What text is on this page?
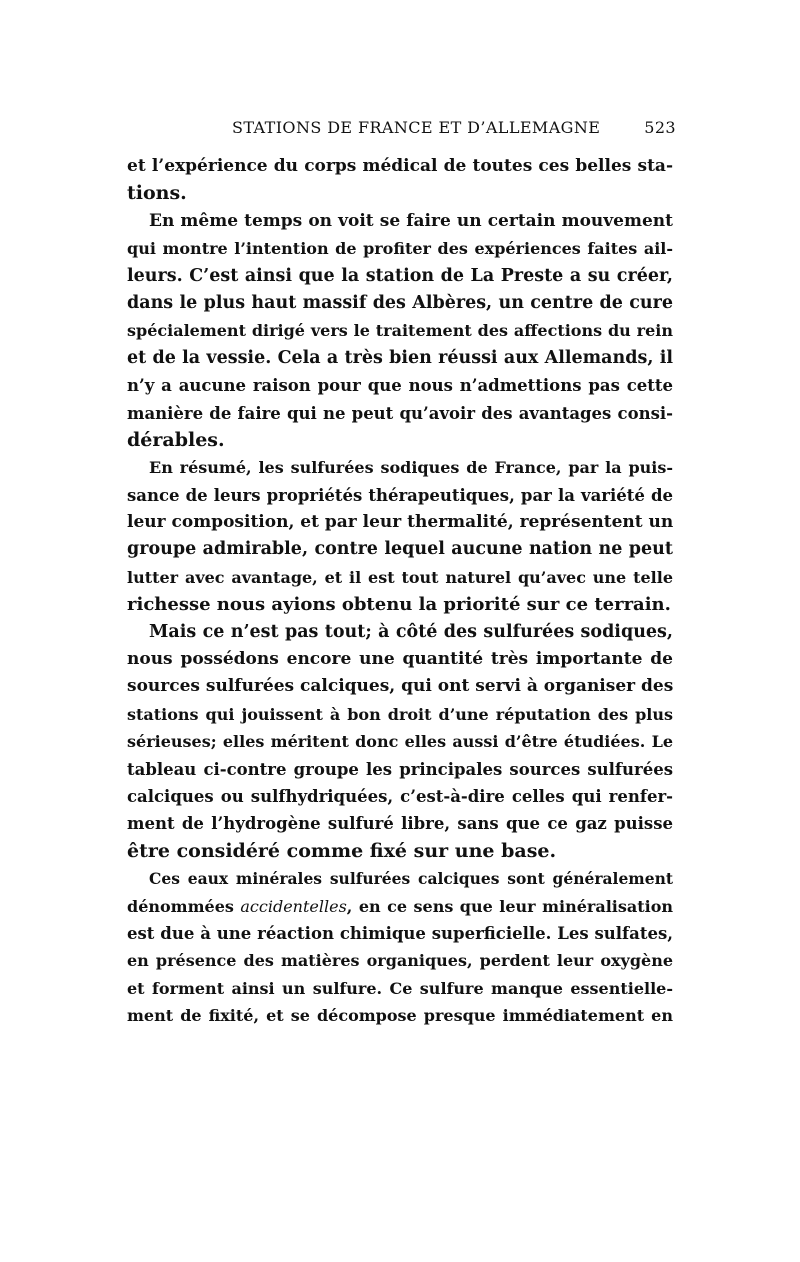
STATIONS DE FRANCE ET D’ALLEMAGNE	523
et l’expérience du corps médical de toutes ces belles sta-
tions.
En même temps on voit se faire un certain mouvement
qui montre l’intention de profiter des expériences faites ail-
leurs. C’est ainsi que la station de La Preste a su créer,
dans le plus haut massif des Albères, un centre de cure
spécialement dirigé vers le traitement des affections du rein
et de la vessie. Cela a très bien réussi aux Allemands, il
n’y a aucune raison pour que nous n’admettions pas cette
manière de faire qui ne peut qu’avoir des avantages consi-
dérables.
En résumé, les sulfurées sodiques de France, par la puis-
sance de leurs propriétés thérapeutiques, par la variété de
leur composition, et par leur thermalité, représentent un
groupe admirable, contre lequel aucune nation ne peut
lutter avec avantage, et il est tout naturel qu’avec une telle
richesse nous ayions obtenu la priorité sur ce terrain.
Mais ce n’est pas tout; à côté des sulfurées sodiques,
nous possédons encore une quantité très importante de
sources sulfurées calciques, qui ont servi à organiser des
stations qui jouissent à bon droit d’une réputation des plus
sérieuses; elles méritent donc elles aussi d’être étudiées. Le
tableau ci-contre groupe les principales sources sulfurées
calciques ou sulfhydriquées, c’est-à-dire celles qui renfer-
ment de l’hydrogène sulfuré libre, sans que ce gaz puisse
être considéré comme fixé sur une base.
Ces eaux minérales sulfurées calciques sont généralement
dénommées accidentelles, en ce sens que leur minéralisation
est due à une réaction chimique superficielle. Les sulfates,
en présence des matières organiques, perdent leur oxygène
et forment ainsi un sulfure. Ce sulfure manque essentielle-
ment de fixité, et se décompose presque immédiatement en
